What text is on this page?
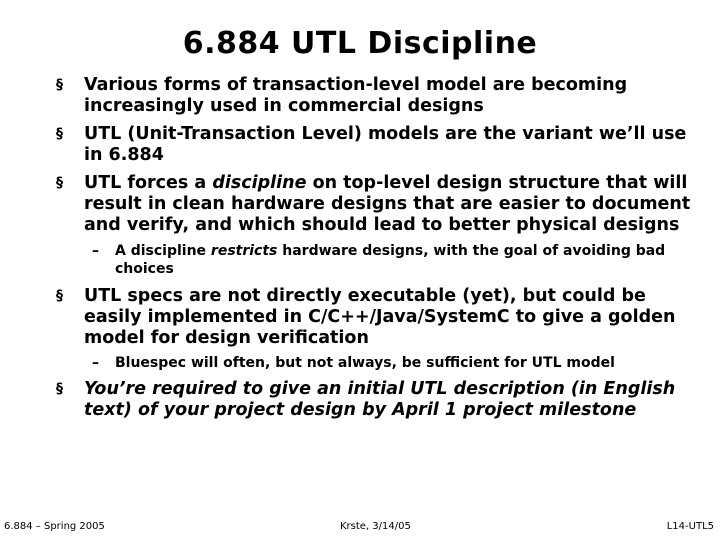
6.884 UTL Discipline
§	Various forms of transaction-level model are becoming increasingly used in commercial designs
§	UTL (Unit-Transaction Level) models are the variant we’ll use in 6.884
§	UTL forces a discipline on top-level design structure that will result in clean hardware designs that are easier to document and verify, and which should lead to better physical designs
– A discipline restricts hardware designs, with the goal of avoiding bad choices
§	UTL specs are not directly executable (yet), but could be easily implemented in C/C++/Java/SystemC to give a golden model for design verification
– Bluespec will often, but not always, be sufficient for UTL model
§	You’re required to give an initial UTL description (in English text) of your project design by April 1 project milestone
6.884 – Spring 2005	Krste, 3/14/05	L14-UTL5
